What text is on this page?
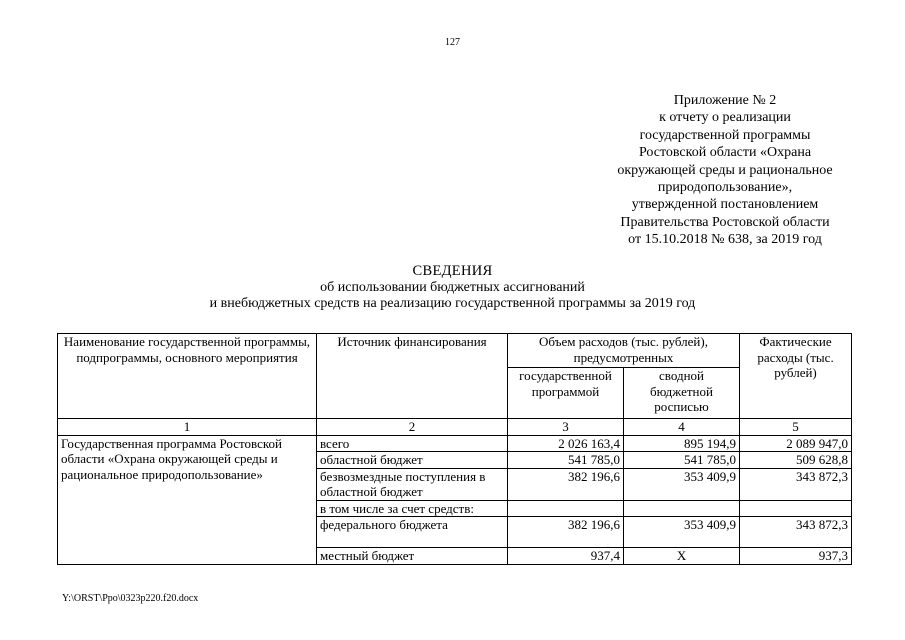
127
Приложение № 2
к отчету о реализации
государственной программы
Ростовской области «Охрана
окружающей среды и рациональное
природопользование»,
утвержденной постановлением
Правительства Ростовской области
от 15.10.2018 № 638, за 2019 год
СВЕДЕНИЯ
об использовании бюджетных ассигнований
и внебюджетных средств на реализацию государственной программы за 2019 год
Наименование государственной программы, подпрограммы, основного мероприятия	Источник финансирования	Объем расходов (тыс. рублей), предусмотренных		Фактические расходы (тыс. рублей)
		государственной программой	сводной бюджетной росписью	
1	2	3	4	5
Государственная программа Ростовской области «Охрана окружающей среды и рациональное природопользование»	всего	2 026 163,4	895 194,9	2 089 947,0
	областной бюджет	541 785,0	541 785,0	509 628,8
	безвозмездные поступления в областной бюджет	382 196,6	353 409,9	343 872,3
	в том числе за счет средств:			
	федерального бюджета	382 196,6	353 409,9	343 872,3
	местный бюджет	937,4	Х	937,3
Y:\ORST\Ppo\0323p220.f20.docx
